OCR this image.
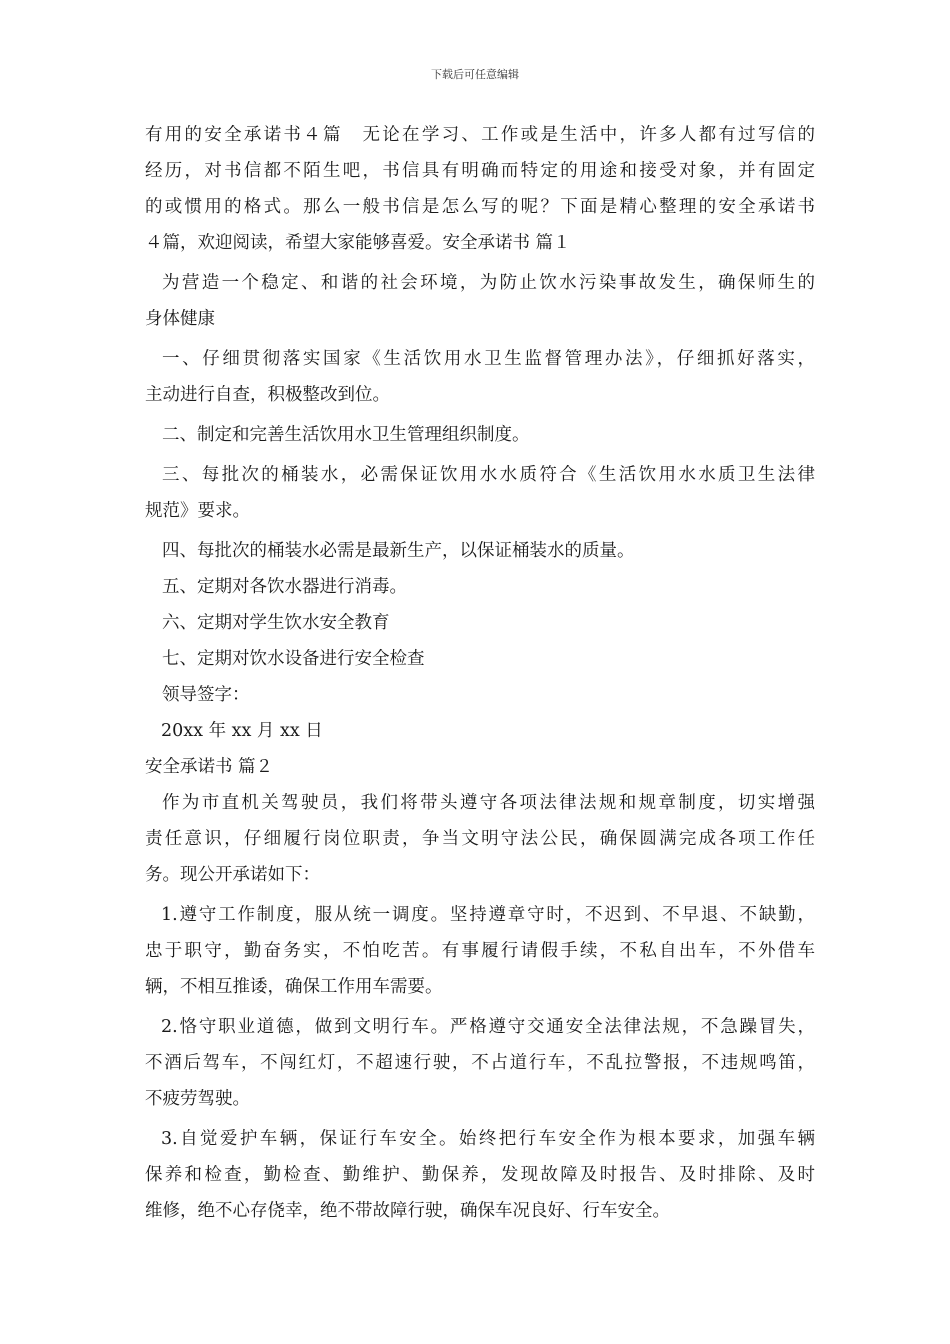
下载后可任意编辑
有用的安全承诺书４篇　无论在学习、工作或是生活中，许多人都有过写信的
经历，对书信都不陌生吧，书信具有明确而特定的用途和接受对象，并有固定
的或惯用的格式。那么一般书信是怎么写的呢？下面是精心整理的安全承诺书
４篇，欢迎阅读，希望大家能够喜爱。安全承诺书 篇１
为营造一个稳定、和谐的社会环境，为防止饮水污染事故发生，确保师生的
身体健康
一、仔细贯彻落实国家《生活饮用水卫生监督管理办法》，仔细抓好落实，
主动进行自查，积极整改到位。
二、制定和完善生活饮用水卫生管理组织制度。
三、每批次的桶装水，必需保证饮用水水质符合《生活饮用水水质卫生法律
规范》要求。
四、每批次的桶装水必需是最新生产，以保证桶装水的质量。
五、定期对各饮水器进行消毒。
六、定期对学生饮水安全教育
七、定期对饮水设备进行安全检查
领导签字：
20xx 年 xx 月 xx 日
安全承诺书 篇２
作为市直机关驾驶员，我们将带头遵守各项法律法规和规章制度，切实增强
责任意识，仔细履行岗位职责，争当文明守法公民，确保圆满完成各项工作任
务。现公开承诺如下：
1.遵守工作制度，服从统一调度。坚持遵章守时，不迟到、不早退、不缺勤，
忠于职守，勤奋务实，不怕吃苦。有事履行请假手续，不私自出车，不外借车
辆，不相互推诿，确保工作用车需要。
2.恪守职业道德，做到文明行车。严格遵守交通安全法律法规，不急躁冒失，
不酒后驾车，不闯红灯，不超速行驶，不占道行车，不乱拉警报，不违规鸣笛，
不疲劳驾驶。
3.自觉爱护车辆，保证行车安全。始终把行车安全作为根本要求，加强车辆
保养和检查，勤检查、勤维护、勤保养，发现故障及时报告、及时排除、及时
维修，绝不心存侥幸，绝不带故障行驶，确保车况良好、行车安全。
